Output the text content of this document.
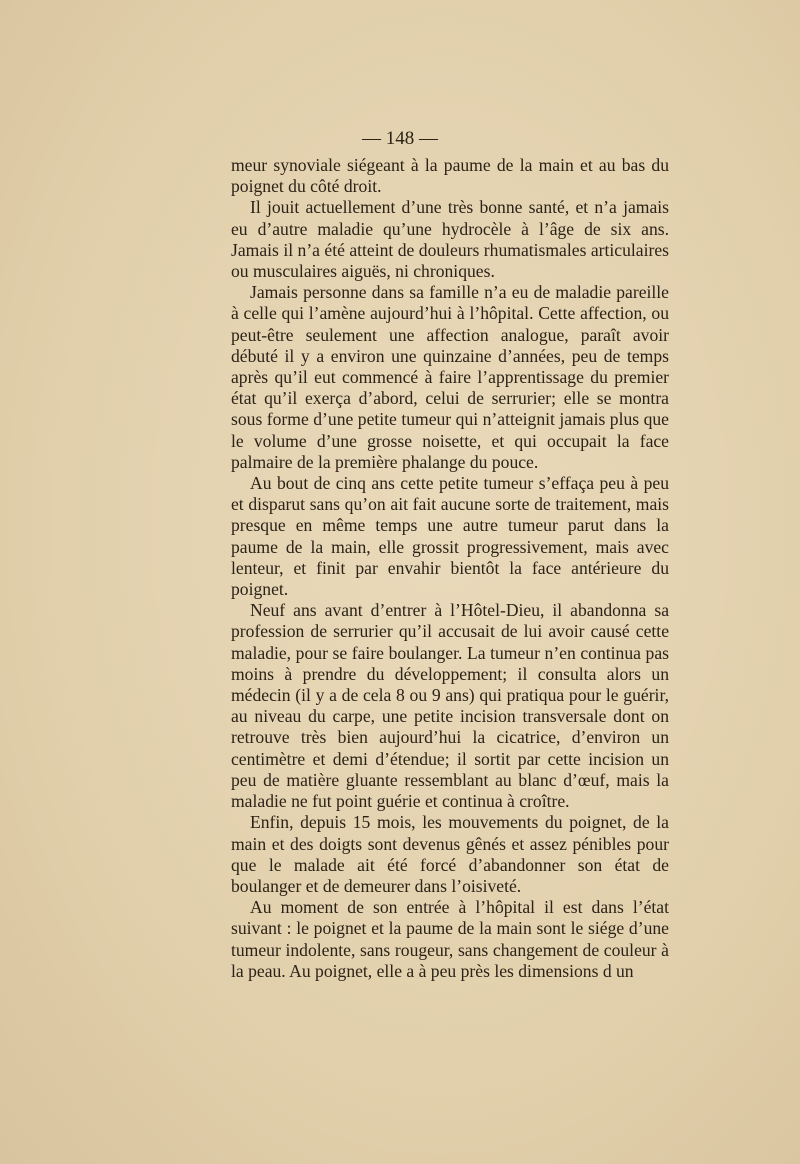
— 148 —

meur synoviale siégeant à la paume de la main et au bas du poignet du côté droit.

Il jouit actuellement d’une très bonne santé, et n’a jamais eu d’autre maladie qu’une hydrocèle à l’âge de six ans. Jamais il n’a été atteint de douleurs rhumatismales articulaires ou musculaires aiguës, ni chroniques.

Jamais personne dans sa famille n’a eu de maladie pareille à celle qui l’amène aujourd’hui à l’hôpital. Cette affection, ou peut-être seulement une affection analogue, paraît avoir débuté il y a environ une quinzaine d’années, peu de temps après qu’il eut commencé à faire l’apprentissage du premier état qu’il exerça d’abord, celui de serrurier; elle se montra sous forme d’une petite tumeur qui n’atteignit jamais plus que le volume d’une grosse noisette, et qui occupait la face palmaire de la première phalange du pouce.

Au bout de cinq ans cette petite tumeur s’effaça peu à peu et disparut sans qu’on ait fait aucune sorte de traitement, mais presque en même temps une autre tumeur parut dans la paume de la main, elle grossit progressivement, mais avec lenteur, et finit par envahir bientôt la face antérieure du poignet.

Neuf ans avant d’entrer à l’Hôtel-Dieu, il abandonna sa profession de serrurier qu’il accusait de lui avoir causé cette maladie, pour se faire boulanger. La tumeur n’en continua pas moins à prendre du développement; il consulta alors un médecin (il y a de cela 8 ou 9 ans) qui pratiqua pour le guérir, au niveau du carpe, une petite incision transversale dont on retrouve très bien aujourd’hui la cicatrice, d’environ un centimètre et demi d’étendue; il sortit par cette incision un peu de matière gluante ressemblant au blanc d’œuf, mais la maladie ne fut point guérie et continua à croître.

Enfin, depuis 15 mois, les mouvements du poignet, de la main et des doigts sont devenus gênés et assez pénibles pour que le malade ait été forcé d’abandonner son état de boulanger et de demeurer dans l’oisiveté.

Au moment de son entrée à l’hôpital il est dans l’état suivant : le poignet et la paume de la main sont le siége d’une tumeur indolente, sans rougeur, sans changement de couleur à la peau. Au poignet, elle a à peu près les dimensions d un
